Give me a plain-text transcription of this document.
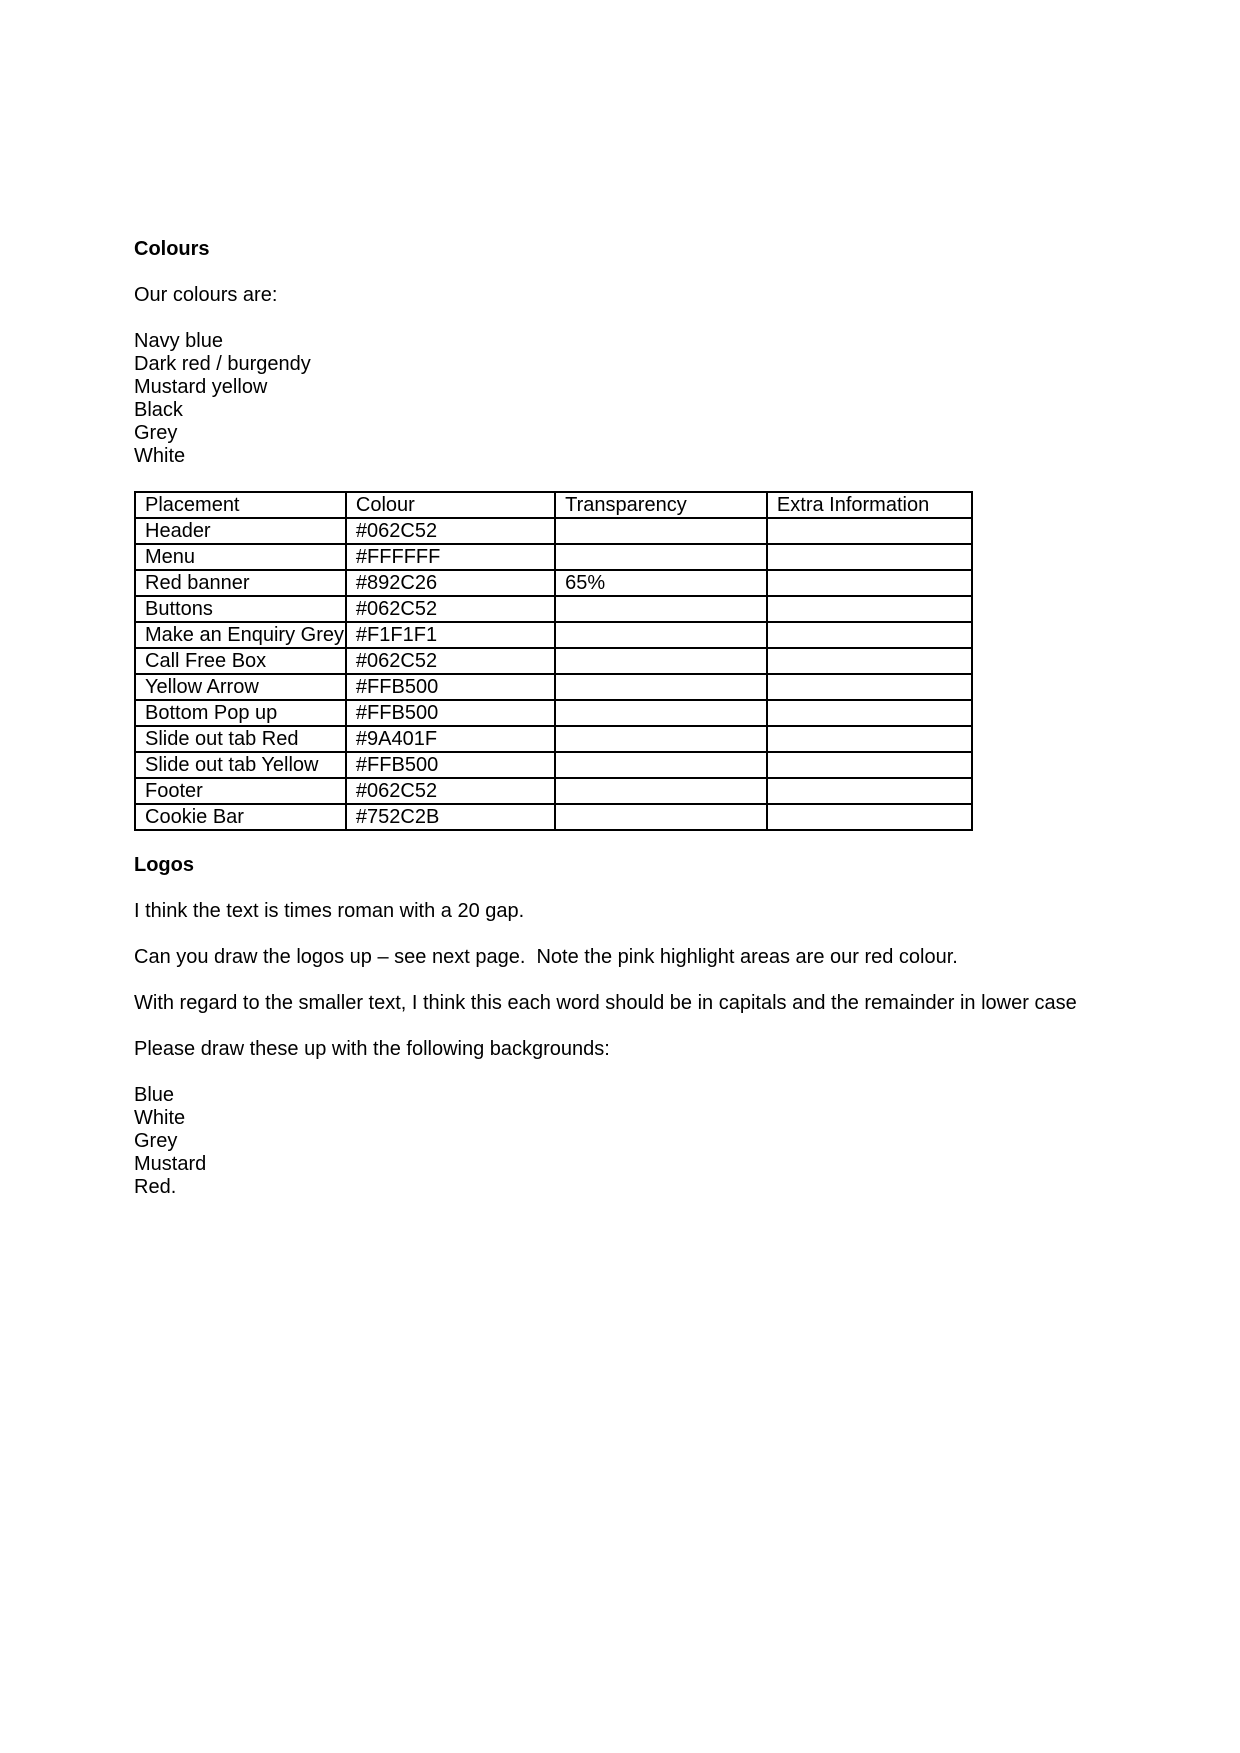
Colours
Our colours are:
Navy blue
Dark red / burgendy
Mustard yellow
Black
Grey
White
Placement	Colour	Transparency	Extra Information
Header	#062C52		
Menu	#FFFFFF		
Red banner	#892C26	65%	
Buttons	#062C52		
Make an Enquiry Grey	#F1F1F1		
Call Free Box	#062C52		
Yellow Arrow	#FFB500		
Bottom Pop up	#FFB500		
Slide out tab Red	#9A401F		
Slide out tab Yellow	#FFB500		
Footer	#062C52		
Cookie Bar	#752C2B		
Logos
I think the text is times roman with a 20 gap.
Can you draw the logos up – see next page.  Note the pink highlight areas are our red colour.
With regard to the smaller text, I think this each word should be in capitals and the remainder in lower case
Please draw these up with the following backgrounds:
Blue
White
Grey
Mustard
Red.
